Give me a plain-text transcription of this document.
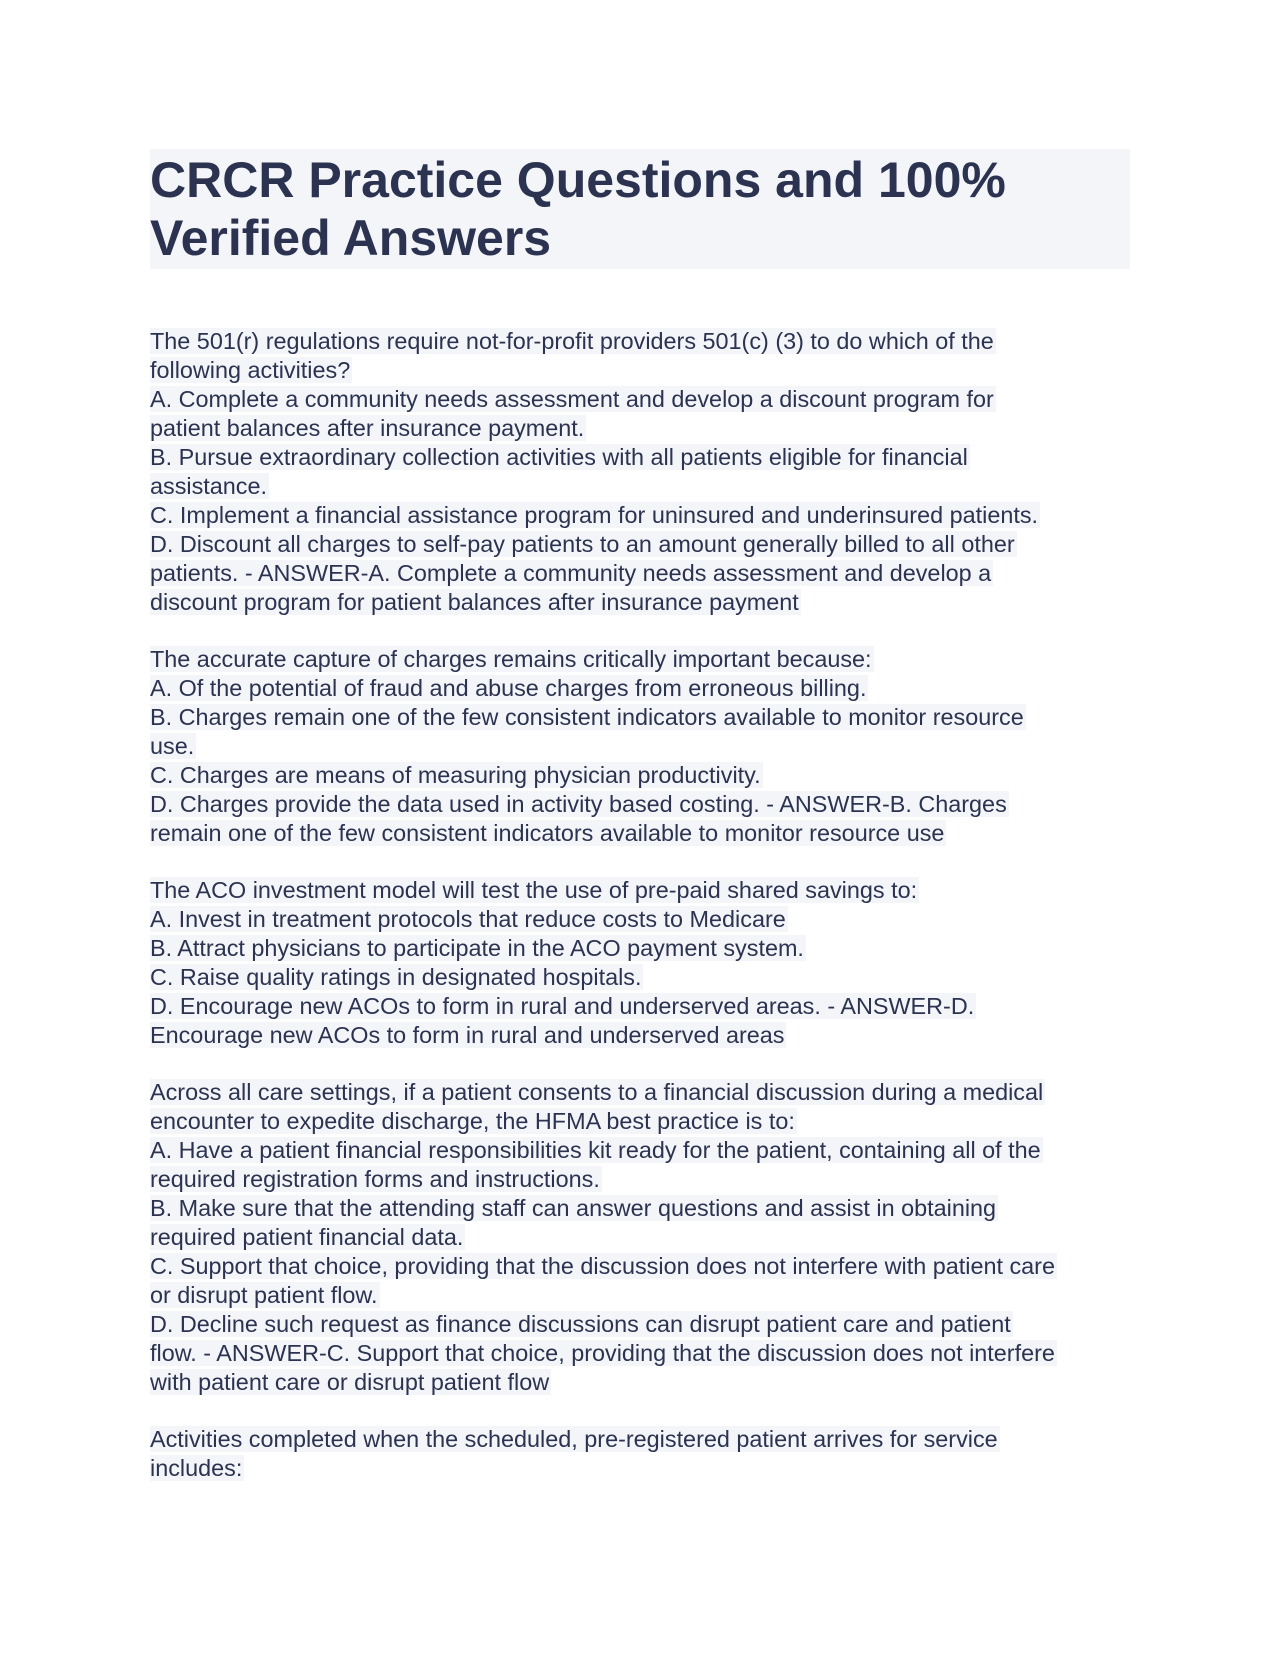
CRCR Practice Questions and 100%
Verified Answers
The 501(r) regulations require not-for-profit providers 501(c) (3) to do which of the
following activities?
A. Complete a community needs assessment and develop a discount program for
patient balances after insurance payment.
B. Pursue extraordinary collection activities with all patients eligible for financial
assistance.
C. Implement a financial assistance program for uninsured and underinsured patients.
D. Discount all charges to self-pay patients to an amount generally billed to all other
patients. - ANSWER-A. Complete a community needs assessment and develop a
discount program for patient balances after insurance payment
The accurate capture of charges remains critically important because:
A. Of the potential of fraud and abuse charges from erroneous billing.
B. Charges remain one of the few consistent indicators available to monitor resource
use.
C. Charges are means of measuring physician productivity.
D. Charges provide the data used in activity based costing. - ANSWER-B. Charges
remain one of the few consistent indicators available to monitor resource use
The ACO investment model will test the use of pre-paid shared savings to:
A. Invest in treatment protocols that reduce costs to Medicare
B. Attract physicians to participate in the ACO payment system.
C. Raise quality ratings in designated hospitals.
D. Encourage new ACOs to form in rural and underserved areas. - ANSWER-D.
Encourage new ACOs to form in rural and underserved areas
Across all care settings, if a patient consents to a financial discussion during a medical
encounter to expedite discharge, the HFMA best practice is to:
A. Have a patient financial responsibilities kit ready for the patient, containing all of the
required registration forms and instructions.
B. Make sure that the attending staff can answer questions and assist in obtaining
required patient financial data.
C. Support that choice, providing that the discussion does not interfere with patient care
or disrupt patient flow.
D. Decline such request as finance discussions can disrupt patient care and patient
flow. - ANSWER-C. Support that choice, providing that the discussion does not interfere
with patient care or disrupt patient flow
Activities completed when the scheduled, pre-registered patient arrives for service
includes:
